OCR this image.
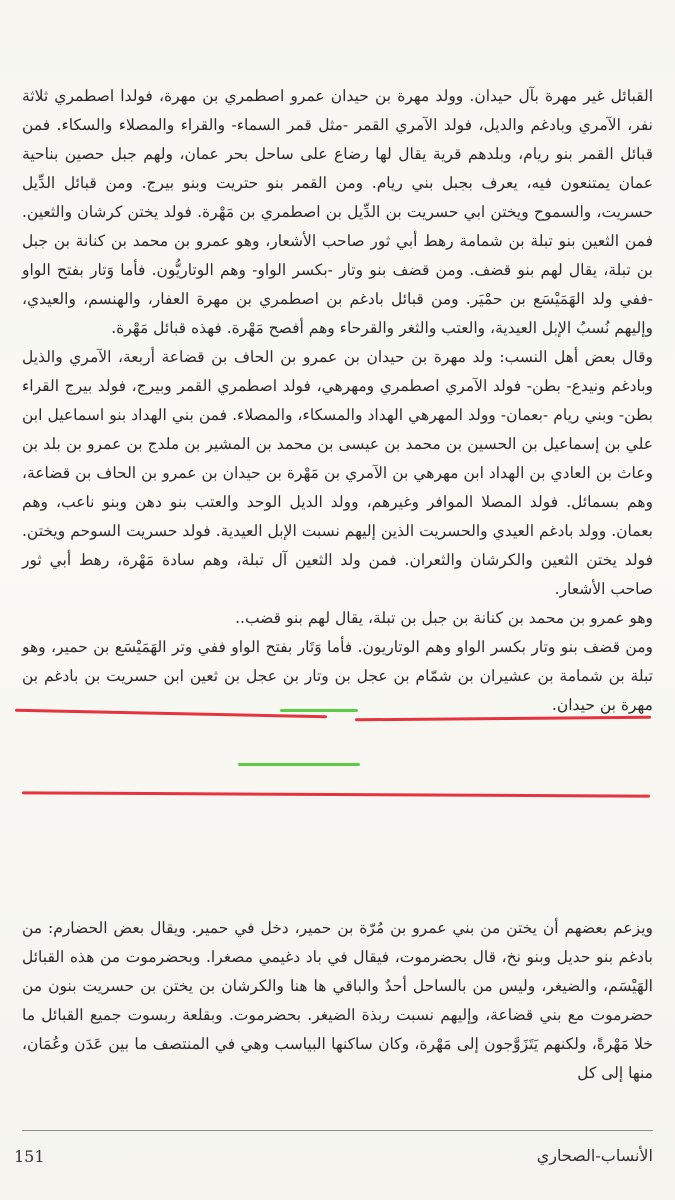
القبائل غير مهرة بآل حيدان. وولد مهرة بن حيدان عمرو اصطمري بن مهرة، فولدا اصطمري ثلاثة نفر، الآمري وبادغم والديل، فولد الآمري القمر -مثل قمر السماء- والقراء والمصلاء والسكاء. فمن قبائل القمر بنو ريام، وبلدهم قرية يقال لها رضاع على ساحل بحر عمان، ولهم جبل حصين بناحية عمان يمتنعون فيه، يعرف بجبل بني ريام. ومن القمر بنو حتريت وبنو بيرج. ومن قبائل الدِّيل حسريت، والسموح ويختن ابي حسريت بن الدِّيل بن اصطمري بن مَهْرة. فولد يختن كرشان والثعين. فمن الثعين بنو تبلة بن شمامة رهط أبي ثور صاحب الأشعار، وهو عمرو بن محمد بن كنانة بن جبل بن تبلة، يقال لهم بنو قضف. ومن قضف بنو وتار -بكسر الواو- وهم الوتاريُّون. فأما وَتار بفتح الواو -ففي ولد الهَمَيْسَع بن حمْيَر. ومن قبائل بادغم بن اصطمري بن مهرة العفار، والهنسم، والعيدي، وإليهم نُسبُ الإبل العيدية، والعتب والثغر والقرحاء وهم أفصح مَهْرة. فهذه قبائل مَهْرة.

وقال بعض أهل النسب: ولد مهرة بن حيدان بن عمرو بن الحاف بن قضاعة أربعة، الآمري والذيل وبادغم ونيدع- بطن- فولد الآمري اصطمري ومهرهي، فولد اصطمري القمر وبيرج، فولد بيرج القراء بطن- وبني ريام -بعمان- وولد المهرهي الهداد والمسكاء، والمصلاء. فمن بني الهداد بنو اسماعيل ابن علي بن إسماعيل بن الحسين بن محمد بن عيسى بن محمد بن المشير بن ملدج بن عمرو بن بلد بن وعاث بن العادي بن الهداد ابن مهرهي بن الآمري بن مَهْرة بن حيدان بن عمرو بن الحاف بن قضاعة، وهم بسمائل. فولد المصلا الموافر وغيرهم، وولد الديل الوحد والعتب بنو دهن وبنو ناعب، وهم بعمان. وولد بادغم العيدي والحسريت الذين إليهم نسبت الإبل العيدية. فولد حسريت السوحم ويختن. فولد يختن الثعين والكرشان والثعران. فمن ولد الثعين آل تبلة، وهم سادة مَهْرة، رهط أبي ثور صاحب الأشعار.

وهو عمرو بن محمد بن كنانة بن جبل بن تبلة، يقال لهم بنو قضب..

ومن قضف بنو وتار بكسر الواو وهم الوتاريون. فأما وَتَار بفتح الواو ففي وتر الهَمَيْسَع بن حمير، وهو تبلة بن شمامة بن عشيران بن شمّام بن عجل بن وتار بن عجل بن ثعين ابن حسريت بن بادغم بن مهرة بن حيدان.

ويزعم بعضهم أن يختن من بني عمرو بن مُرّة بن حمير، دخل في حمير. ويقال بعض الحضارم: من بادغم بنو حديل وبنو نخ، قال بحضرموت، فيقال في باد دغيمي مصغرا. وبحضرموت من هذه القبائل الهَيْسَم، والضيغر، وليس من بالساحل أحدٌ والباقي ها هنا والكرشان بن يختن بن حسريت بنون من حضرموت مع بني قضاعة، وإليهم نسبت ربذة الضيغر. بحضرموت. وبقلعة ربسوت جميع القبائل ما خلا مَهْرةً، ولكنهم يَتَزَوَّجون إلى مَهْرة، وكان ساكنها البياسب وهي في المنتصف ما بين عَدَن وعُمَان، منها إلى كل

151	الأنساب-الصحاري
